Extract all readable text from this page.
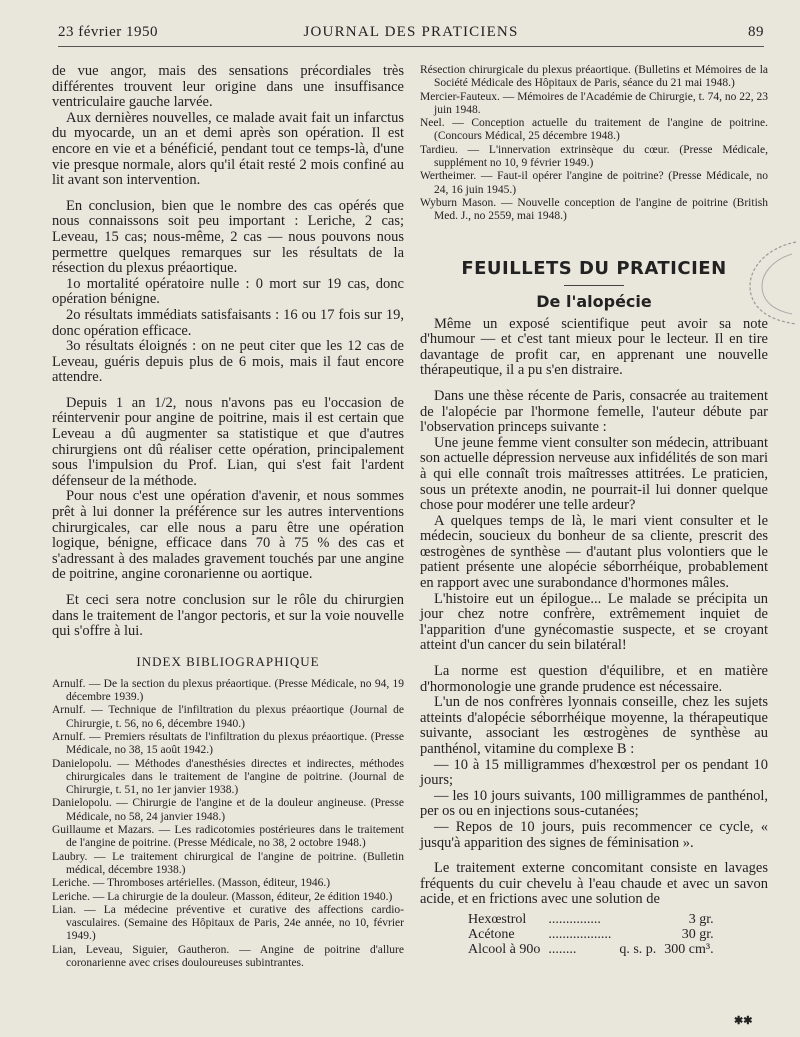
23 février 1950	JOURNAL DES PRATICIENS	89

de vue angor, mais des sensations précordiales très différentes trouvent leur origine dans une insuffisance ventriculaire gauche larvée.

Aux dernières nouvelles, ce malade avait fait un infarctus du myocarde, un an et demi après son opération. Il est encore en vie et a bénéficié, pendant tout ce temps-là, d'une vie presque normale, alors qu'il était resté 2 mois confiné au lit avant son intervention.

En conclusion, bien que le nombre des cas opérés que nous connaissons soit peu important : Leriche, 2 cas; Leveau, 15 cas; nous-même, 2 cas — nous pouvons nous permettre quelques remarques sur les résultats de la résection du plexus préaortique.

1o mortalité opératoire nulle : 0 mort sur 19 cas, donc opération bénigne.

2o résultats immédiats satisfaisants : 16 ou 17 fois sur 19, donc opération efficace.

3o résultats éloignés : on ne peut citer que les 12 cas de Leveau, guéris depuis plus de 6 mois, mais il faut encore attendre.

Depuis 1 an 1/2, nous n'avons pas eu l'occasion de réintervenir pour angine de poitrine, mais il est certain que Leveau a dû augmenter sa statistique et que d'autres chirurgiens ont dû réaliser cette opération, principalement sous l'impulsion du Prof. Lian, qui s'est fait l'ardent défenseur de la méthode.

Pour nous c'est une opération d'avenir, et nous sommes prêt à lui donner la préférence sur les autres interventions chirurgicales, car elle nous a paru être une opération logique, bénigne, efficace dans 70 à 75 % des cas et s'adressant à des malades gravement touchés par une angine de poitrine, angine coronarienne ou aortique.

Et ceci sera notre conclusion sur le rôle du chirurgien dans le traitement de l'angor pectoris, et sur la voie nouvelle qui s'offre à lui.

INDEX BIBLIOGRAPHIQUE

Arnulf. — De la section du plexus préaortique. (Presse Médicale, no 94, 19 décembre 1939.)

Arnulf. — Technique de l'infiltration du plexus préaortique (Journal de Chirurgie, t. 56, no 6, décembre 1940.)

Arnulf. — Premiers résultats de l'infiltration du plexus préaortique. (Presse Médicale, no 38, 15 août 1942.)

Danielopolu. — Méthodes d'anesthésies directes et indirectes, méthodes chirurgicales dans le traitement de l'angine de poitrine. (Journal de Chirurgie, t. 51, no 1er janvier 1938.)

Danielopolu. — Chirurgie de l'angine et de la douleur angineuse. (Presse Médicale, no 58, 24 janvier 1948.)

Guillaume et Mazars. — Les radicotomies postérieures dans le traitement de l'angine de poitrine. (Presse Médicale, no 38, 2 octobre 1948.)

Laubry. — Le traitement chirurgical de l'angine de poitrine. (Bulletin médical, décembre 1938.)

Leriche. — Thromboses artérielles. (Masson, éditeur, 1946.)

Leriche. — La chirurgie de la douleur. (Masson, éditeur, 2e édition 1940.)

Lian. — La médecine préventive et curative des affections cardio-vasculaires. (Semaine des Hôpitaux de Paris, 24e année, no 10, février 1949.)

Lian, Leveau, Siguier, Gautheron. — Angine de poitrine d'allure coronarienne avec crises douloureuses subintrantes.

Résection chirurgicale du plexus préaortique. (Bulletins et Mémoires de la Société Médicale des Hôpitaux de Paris, séance du 21 mai 1948.)

Mercier-Fauteux. — Mémoires de l'Académie de Chirurgie, t. 74, no 22, 23 juin 1948.

Neel. — Conception actuelle du traitement de l'angine de poitrine. (Concours Médical, 25 décembre 1948.)

Tardieu. — L'innervation extrinsèque du cœur. (Presse Médicale, supplément no 10, 9 février 1949.)

Wertheimer. — Faut-il opérer l'angine de poitrine? (Presse Médicale, no 24, 16 juin 1945.)

Wyburn Mason. — Nouvelle conception de l'angine de poitrine (British Med. J., no 2559, mai 1948.)

FEUILLETS DU PRATICIEN
De l'alopécie

Même un exposé scientifique peut avoir sa note d'humour — et c'est tant mieux pour le lecteur. Il en tire davantage de profit car, en apprenant une nouvelle thérapeutique, il a pu s'en distraire.

Dans une thèse récente de Paris, consacrée au traitement de l'alopécie par l'hormone femelle, l'auteur débute par l'observation princeps suivante :

Une jeune femme vient consulter son médecin, attribuant son actuelle dépression nerveuse aux infidélités de son mari à qui elle connaît trois maîtresses attitrées. Le praticien, sous un prétexte anodin, ne pourrait-il lui donner quelque chose pour modérer une telle ardeur?

A quelques temps de là, le mari vient consulter et le médecin, soucieux du bonheur de sa cliente, prescrit des œstrogènes de synthèse — d'autant plus volontiers que le patient présente une alopécie séborrhéique, probablement en rapport avec une surabondance d'hormones mâles.

L'histoire eut un épilogue... Le malade se précipita un jour chez notre confrère, extrêmement inquiet de l'apparition d'une gynécomastie suspecte, et se croyant atteint d'un cancer du sein bilatéral!

La norme est question d'équilibre, et en matière d'hormonologie une grande prudence est nécessaire.

L'un de nos confrères lyonnais conseille, chez les sujets atteints d'alopécie séborrhéique moyenne, la thérapeutique suivante, associant les œstrogènes de synthèse au panthénol, vitamine du complexe B :

— 10 à 15 milligrammes d'hexœstrol per os pendant 10 jours;

— les 10 jours suivants, 100 milligrammes de panthénol, per os ou en injections sous-cutanées;

— Repos de 10 jours, puis recommencer ce cycle, « jusqu'à apparition des signes de féminisation ».

Le traitement externe concomitant consiste en lavages fréquents du cuir chevelu à l'eau chaude et avec un savon acide, et en frictions avec une solution de

Hexœstrol	...............		3 gr.
Acétone	..................		30 gr.
Alcool à 90o	........	q. s. p.	300 cm³.
✱✱
